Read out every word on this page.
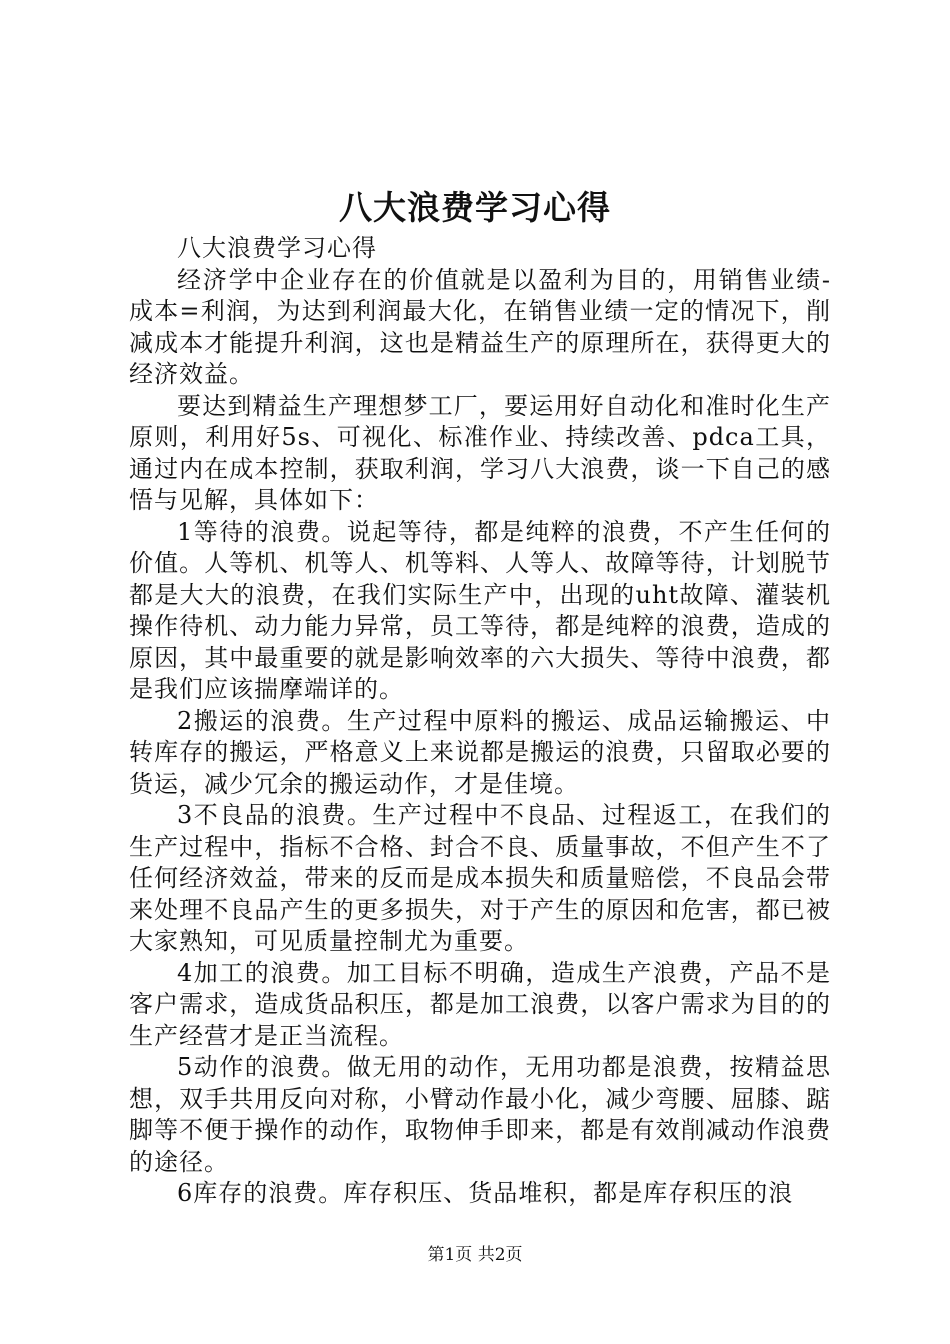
八大浪费学习心得

八大浪费学习心得

经济学中企业存在的价值就是以盈利为目的，用销售业绩-成本=利润，为达到利润最大化，在销售业绩一定的情况下，削减成本才能提升利润，这也是精益生产的原理所在，获得更大的经济效益。

要达到精益生产理想梦工厂，要运用好自动化和准时化生产原则，利用好5s、可视化、标准作业、持续改善、pdca工具，通过内在成本控制，获取利润，学习八大浪费，谈一下自己的感悟与见解，具体如下：

1等待的浪费。说起等待，都是纯粹的浪费，不产生任何的价值。人等机、机等人、机等料、人等人、故障等待，计划脱节都是大大的浪费，在我们实际生产中，出现的uht故障、灌装机操作待机、动力能力异常，员工等待，都是纯粹的浪费，造成的原因，其中最重要的就是影响效率的六大损失、等待中浪费，都是我们应该揣摩端详的。

2搬运的浪费。生产过程中原料的搬运、成品运输搬运、中转库存的搬运，严格意义上来说都是搬运的浪费，只留取必要的货运，减少冗余的搬运动作，才是佳境。

3不良品的浪费。生产过程中不良品、过程返工，在我们的生产过程中，指标不合格、封合不良、质量事故，不但产生不了任何经济效益，带来的反而是成本损失和质量赔偿，不良品会带来处理不良品产生的更多损失，对于产生的原因和危害，都已被大家熟知，可见质量控制尤为重要。

4加工的浪费。加工目标不明确，造成生产浪费，产品不是客户需求，造成货品积压，都是加工浪费，以客户需求为目的的生产经营才是正当流程。

5动作的浪费。做无用的动作，无用功都是浪费，按精益思想，双手共用反向对称，小臂动作最小化，减少弯腰、屈膝、踮脚等不便于操作的动作，取物伸手即来，都是有效削减动作浪费的途径。

6库存的浪费。库存积压、货品堆积，都是库存积压的浪

第1页 共2页
